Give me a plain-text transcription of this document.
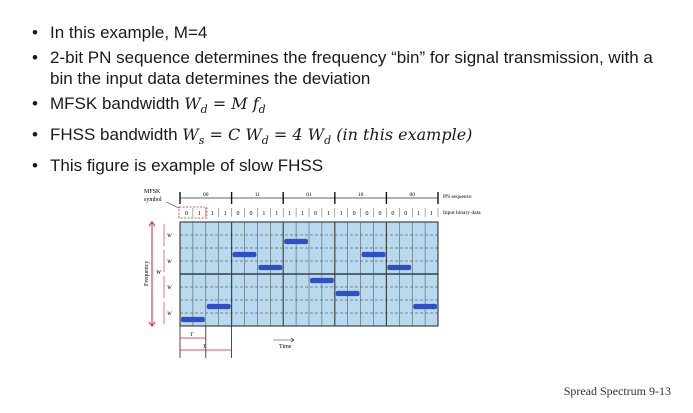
• In this example, M=4
• 2-bit PN sequence determines the frequency “bin” for signal transmission, with a bin the input data determines the deviation
• MFSK bandwidth $W_d = M$ $f_d$
• FHSS bandwidth $W_s = C$ $W_d = 4$ $W_d$ (in this example)
• This figure is example of slow FHSS
MFSK
symbol	PN sequence
Input binary data
Frequency
Time
00	11	01	10	00
0 1 1 1 0 0 1 1 1 1 0 1 1 0 0 0 0 0 1 1
W
W
W
W
W
T
T
Spread Spectrum 9-13
